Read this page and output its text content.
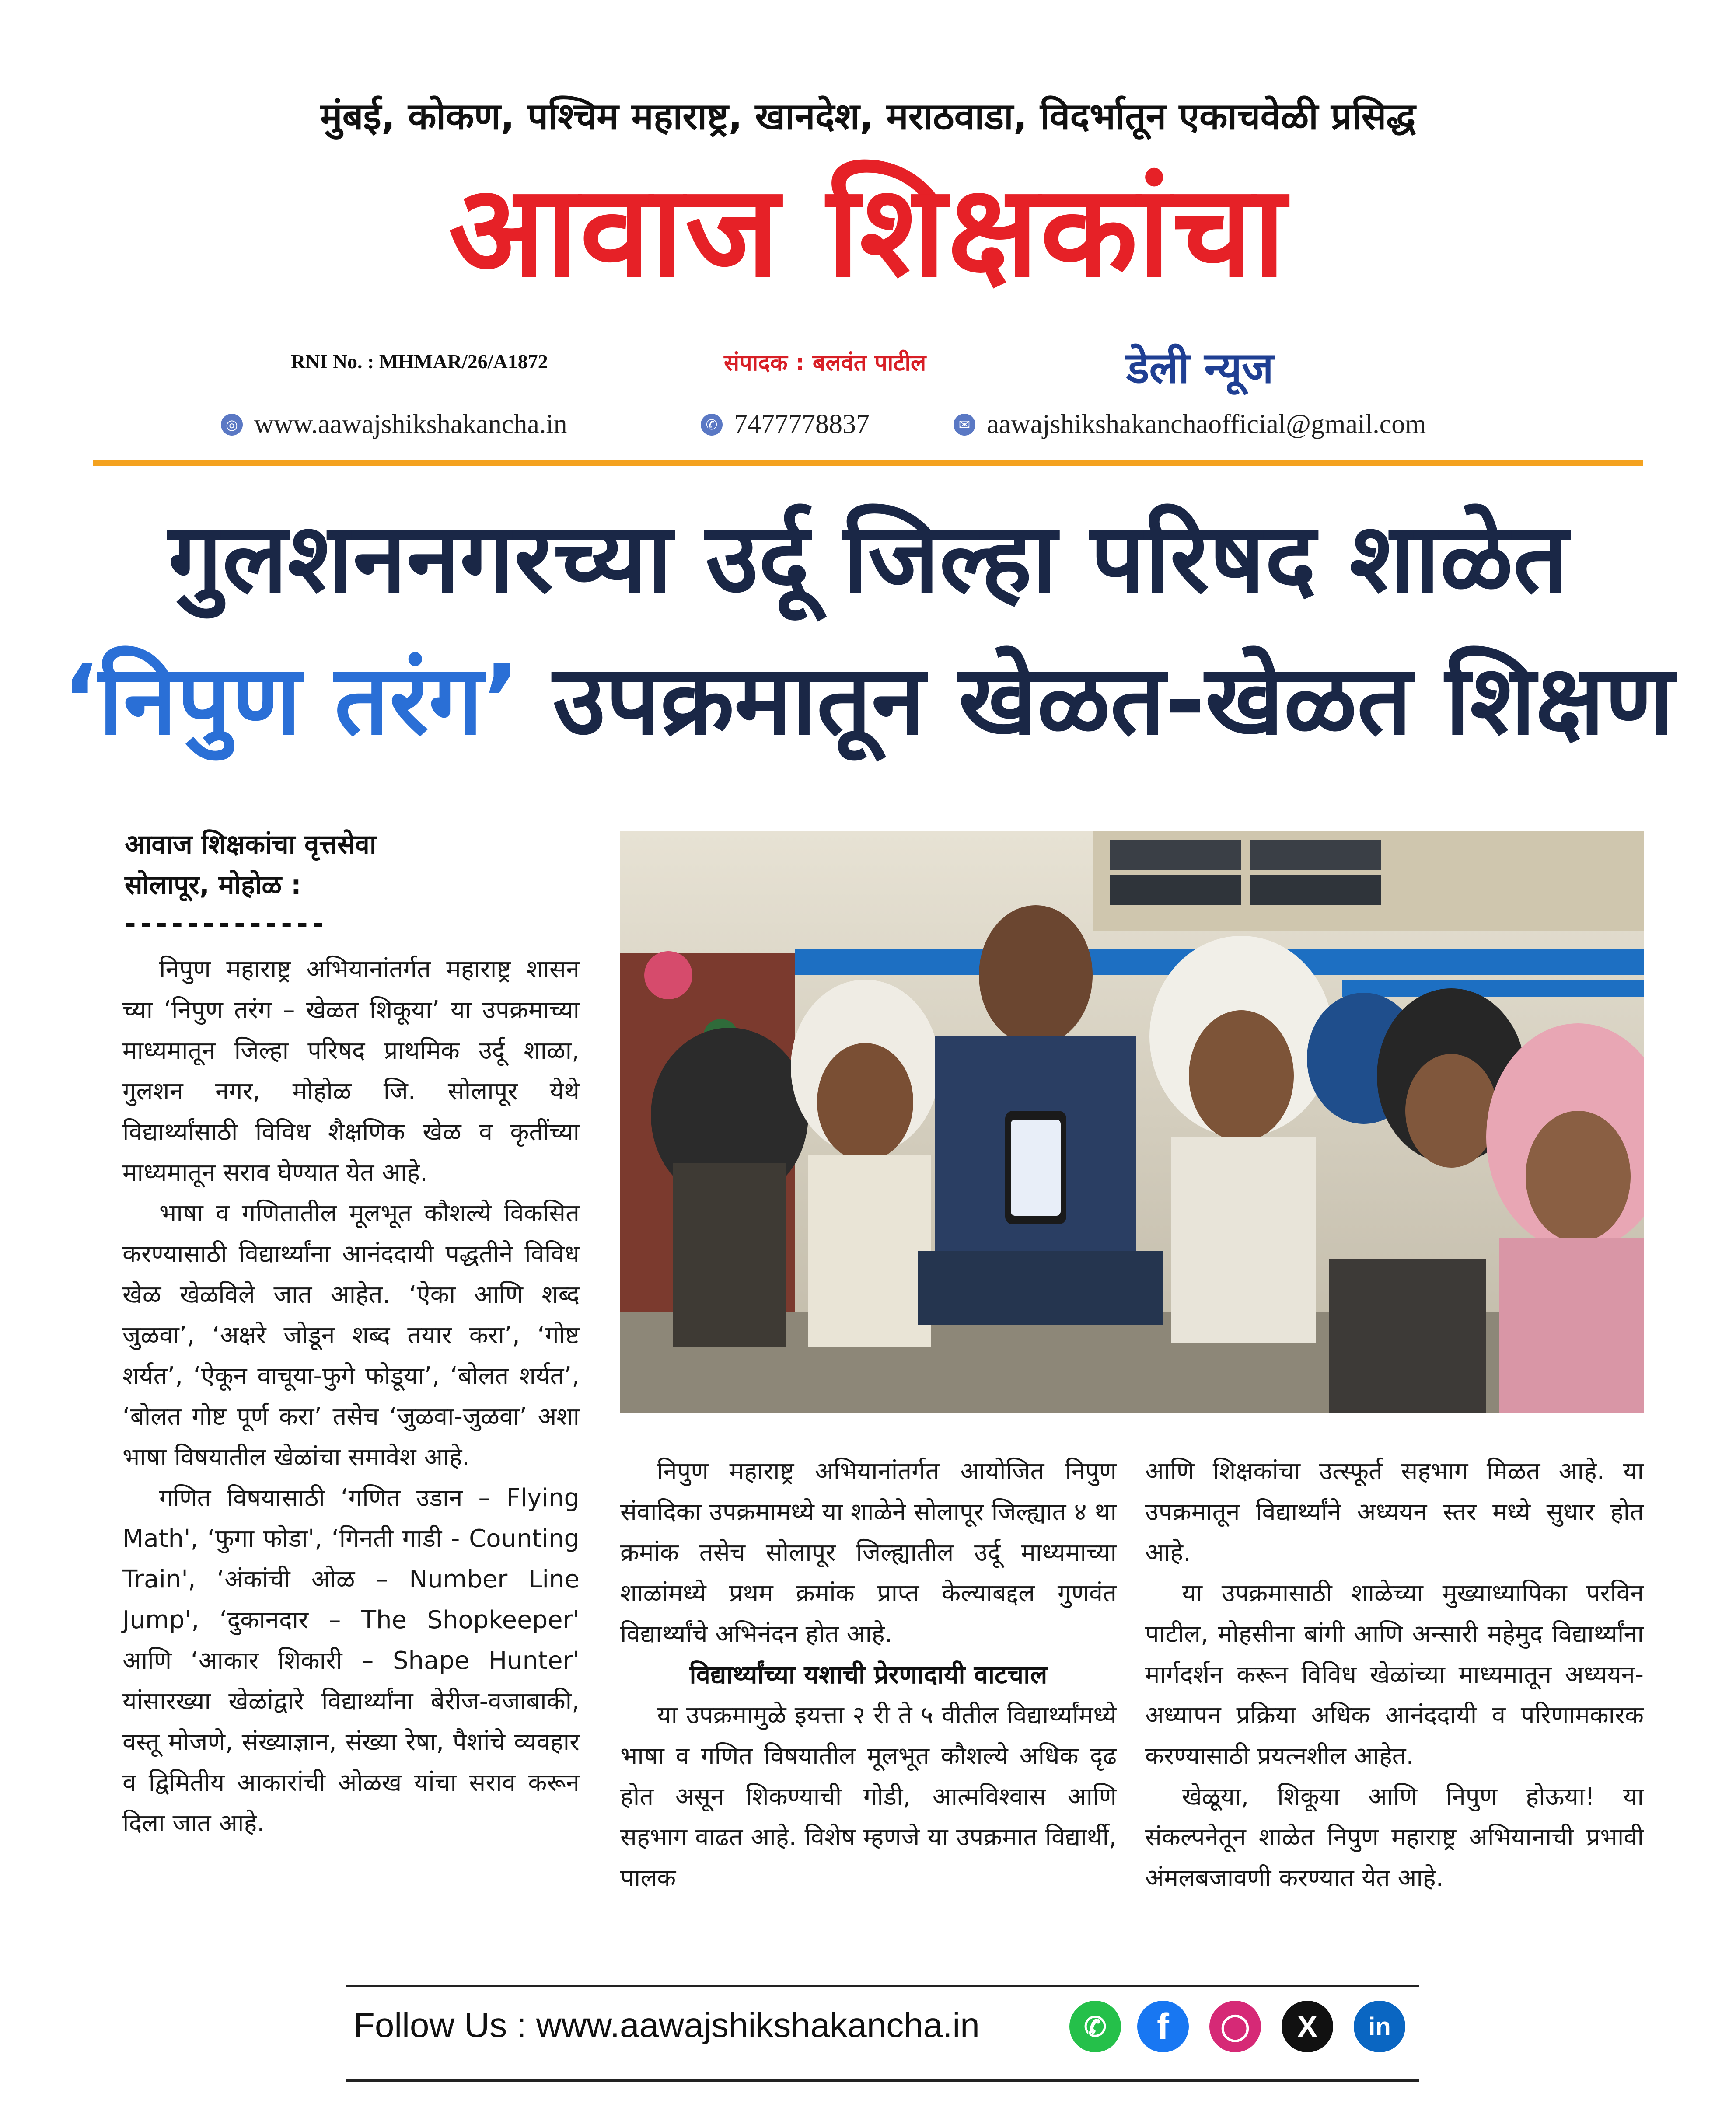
मुंबई, कोकण, पश्चिम महाराष्ट्र, खानदेश, मराठवाडा, विदर्भातून एकाचवेळी प्रसिद्ध
आवाज शिक्षकांचा
RNI No. : MHMAR/26/A1872	संपादक : बलवंत पाटील	डेली न्यूज
◎ www.aawajshikshakancha.in	✆ 7477778837	✉ aawajshikshakanchaofficial@gmail.com
गुलशननगरच्या उर्दू जिल्हा परिषद शाळेत
‘निपुण तरंग’ उपक्रमातून खेळत-खेळत शिक्षण
आवाज शिक्षकांचा वृत्तसेवा
सोलापूर, मोहोळ :
-------------

निपुण महाराष्ट्र अभियानांतर्गत महाराष्ट्र शासन च्या ‘निपुण तरंग – खेळत शिकूया’ या उपक्रमाच्या माध्यमातून जिल्हा परिषद प्राथमिक उर्दू शाळा, गुलशन नगर, मोहोळ जि. सोलापूर येथे विद्यार्थ्यांसाठी विविध शैक्षणिक खेळ व कृतींच्या माध्यमातून सराव घेण्यात येत आहे.

भाषा व गणितातील मूलभूत कौशल्ये विकसित करण्यासाठी विद्यार्थ्यांना आनंददायी पद्धतीने विविध खेळ खेळविले जात आहेत. ‘ऐका आणि शब्द जुळवा’, ‘अक्षरे जोडून शब्द तयार करा’, ‘गोष्ट शर्यत’, ‘ऐकून वाचूया-फुगे फोडूया’, ‘बोलत शर्यत’, ‘बोलत गोष्ट पूर्ण करा’ तसेच ‘जुळवा-जुळवा’ अशा भाषा विषयातील खेळांचा समावेश आहे.

गणित विषयासाठी ‘गणित उडान – Flying Math', ‘फुगा फोडा', ‘गिनती गाडी - Counting Train', ‘अंकांची ओळ – Number Line Jump', ‘दुकानदार – The Shopkeeper' आणि ‘आकार शिकारी – Shape Hunter' यांसारख्या खेळांद्वारे विद्यार्थ्यांना बेरीज-वजाबाकी, वस्तू मोजणे, संख्याज्ञान, संख्या रेषा, पैशांचे व्यवहार व द्विमितीय आकारांची ओळख यांचा सराव करून दिला जात आहे.

निपुण महाराष्ट्र अभियानांतर्गत आयोजित निपुण संवादिका उपक्रमामध्ये या शाळेने सोलापूर जिल्ह्यात ४ था क्रमांक तसेच सोलापूर जिल्ह्यातील उर्दू माध्यमाच्या शाळांमध्ये प्रथम क्रमांक प्राप्त केल्याबद्दल गुणवंत विद्यार्थ्यांचे अभिनंदन होत आहे.

विद्यार्थ्यांच्या यशाची प्रेरणादायी वाटचाल

या उपक्रमामुळे इयत्ता २ री ते ५ वीतील विद्यार्थ्यांमध्ये भाषा व गणित विषयातील मूलभूत कौशल्ये अधिक दृढ होत असून शिकण्याची गोडी, आत्मविश्वास आणि सहभाग वाढत आहे. विशेष म्हणजे या उपक्रमात विद्यार्थी, पालक

आणि शिक्षकांचा उत्स्फूर्त सहभाग मिळत आहे. या उपक्रमातून विद्यार्थ्यांने अध्ययन स्तर मध्ये सुधार होत आहे.

या उपक्रमासाठी शाळेच्या मुख्याध्यापिका परविन पाटील, मोहसीना बांगी आणि अन्सारी महेमुद विद्यार्थ्यांना मार्गदर्शन करून विविध खेळांच्या माध्यमातून अध्ययन-अध्यापन प्रक्रिया अधिक आनंददायी व परिणामकारक करण्यासाठी प्रयत्नशील आहेत.

खेळूया, शिकूया आणि निपुण होऊया! या संकल्पनेतून शाळेत निपुण महाराष्ट्र अभियानाची प्रभावी अंमलबजावणी करण्यात येत आहे.

Follow Us : www.aawajshikshakancha.in	✆	f	◯	X	in
